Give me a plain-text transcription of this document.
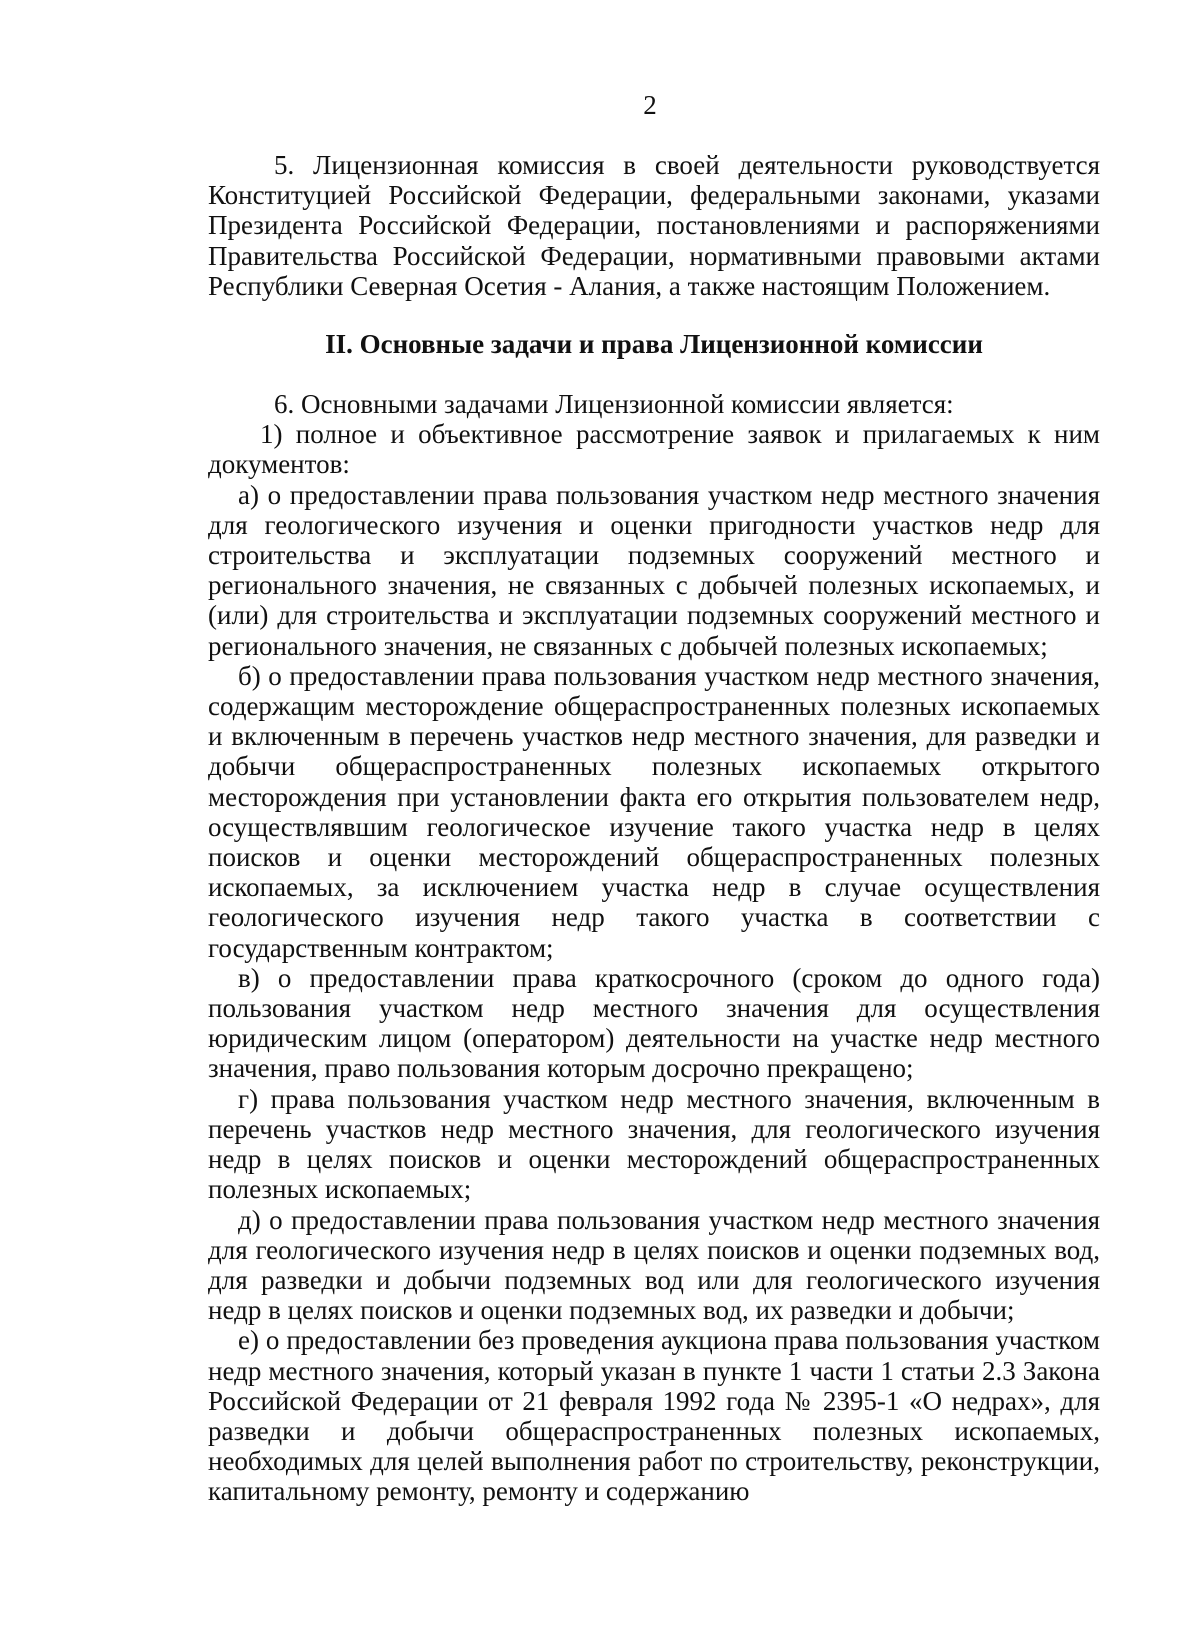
2

5. Лицензионная комиссия в своей деятельности руководствуется Конституцией Российской Федерации, федеральными законами, указами Президента Российской Федерации, постановлениями и распоряжениями Правительства Российской Федерации, нормативными правовыми актами Республики Северная Осетия - Алания, а также настоящим Положением.

II. Основные задачи и права Лицензионной комиссии

6. Основными задачами Лицензионной комиссии является:

1) полное и объективное рассмотрение заявок и прилагаемых к ним документов:

а) о предоставлении права пользования участком недр местного значения для геологического изучения и оценки пригодности участков недр для строительства и эксплуатации подземных сооружений местного и регионального значения, не связанных с добычей полезных ископаемых, и (или) для строительства и эксплуатации подземных сооружений местного и регионального значения, не связанных с добычей полезных ископаемых;

б) о предоставлении права пользования участком недр местного значения, содержащим месторождение общераспространенных полезных ископаемых и включенным в перечень участков недр местного значения, для разведки и добычи общераспространенных полезных ископаемых открытого месторождения при установлении факта его открытия пользователем недр, осуществлявшим геологическое изучение такого участка недр в целях поисков и оценки месторождений общераспространенных полезных ископаемых, за исключением участка недр в случае осуществления геологического изучения недр такого участка в соответствии с государственным контрактом;

в) о предоставлении права краткосрочного (сроком до одного года) пользования участком недр местного значения для осуществления юридическим лицом (оператором) деятельности на участке недр местного значения, право пользования которым досрочно прекращено;

г) права пользования участком недр местного значения, включенным в перечень участков недр местного значения, для геологического изучения недр в целях поисков и оценки месторождений общераспространенных полезных ископаемых;

д) о предоставлении права пользования участком недр местного значения для геологического изучения недр в целях поисков и оценки подземных вод, для разведки и добычи подземных вод или для геологического изучения недр в целях поисков и оценки подземных вод, их разведки и добычи;

е) о предоставлении без проведения аукциона права пользования участком недр местного значения, который указан в пункте 1 части 1 статьи 2.3 Закона Российской Федерации от 21 февраля 1992 года № 2395-1 «О недрах», для разведки и добычи общераспространенных полезных ископаемых, необходимых для целей выполнения работ по строительству, реконструкции, капитальному ремонту, ремонту и содержанию
